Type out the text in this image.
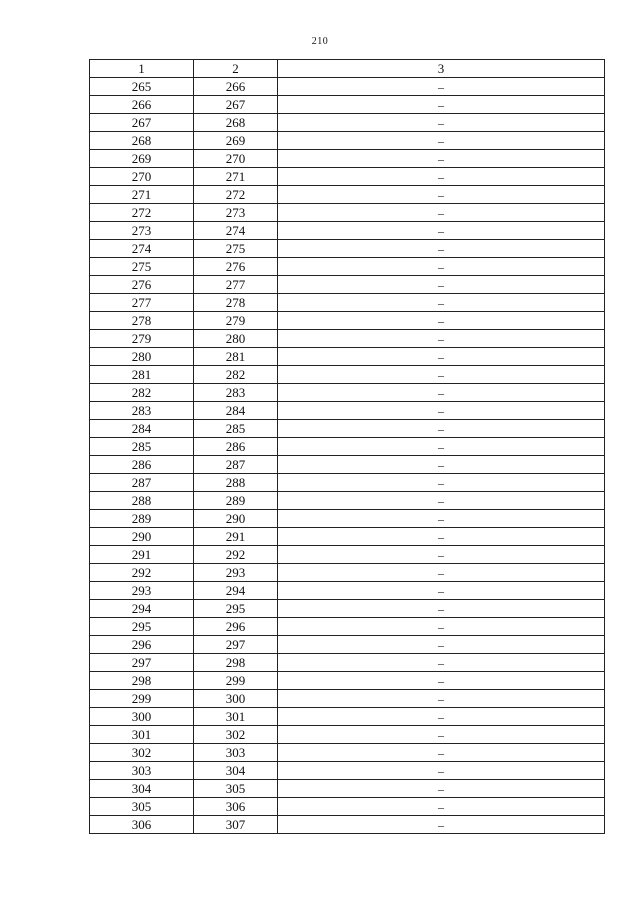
210
1	2	3
265	266	–
266	267	–
267	268	–
268	269	–
269	270	–
270	271	–
271	272	–
272	273	–
273	274	–
274	275	–
275	276	–
276	277	–
277	278	–
278	279	–
279	280	–
280	281	–
281	282	–
282	283	–
283	284	–
284	285	–
285	286	–
286	287	–
287	288	–
288	289	–
289	290	–
290	291	–
291	292	–
292	293	–
293	294	–
294	295	–
295	296	–
296	297	–
297	298	–
298	299	–
299	300	–
300	301	–
301	302	–
302	303	–
303	304	–
304	305	–
305	306	–
306	307	–
